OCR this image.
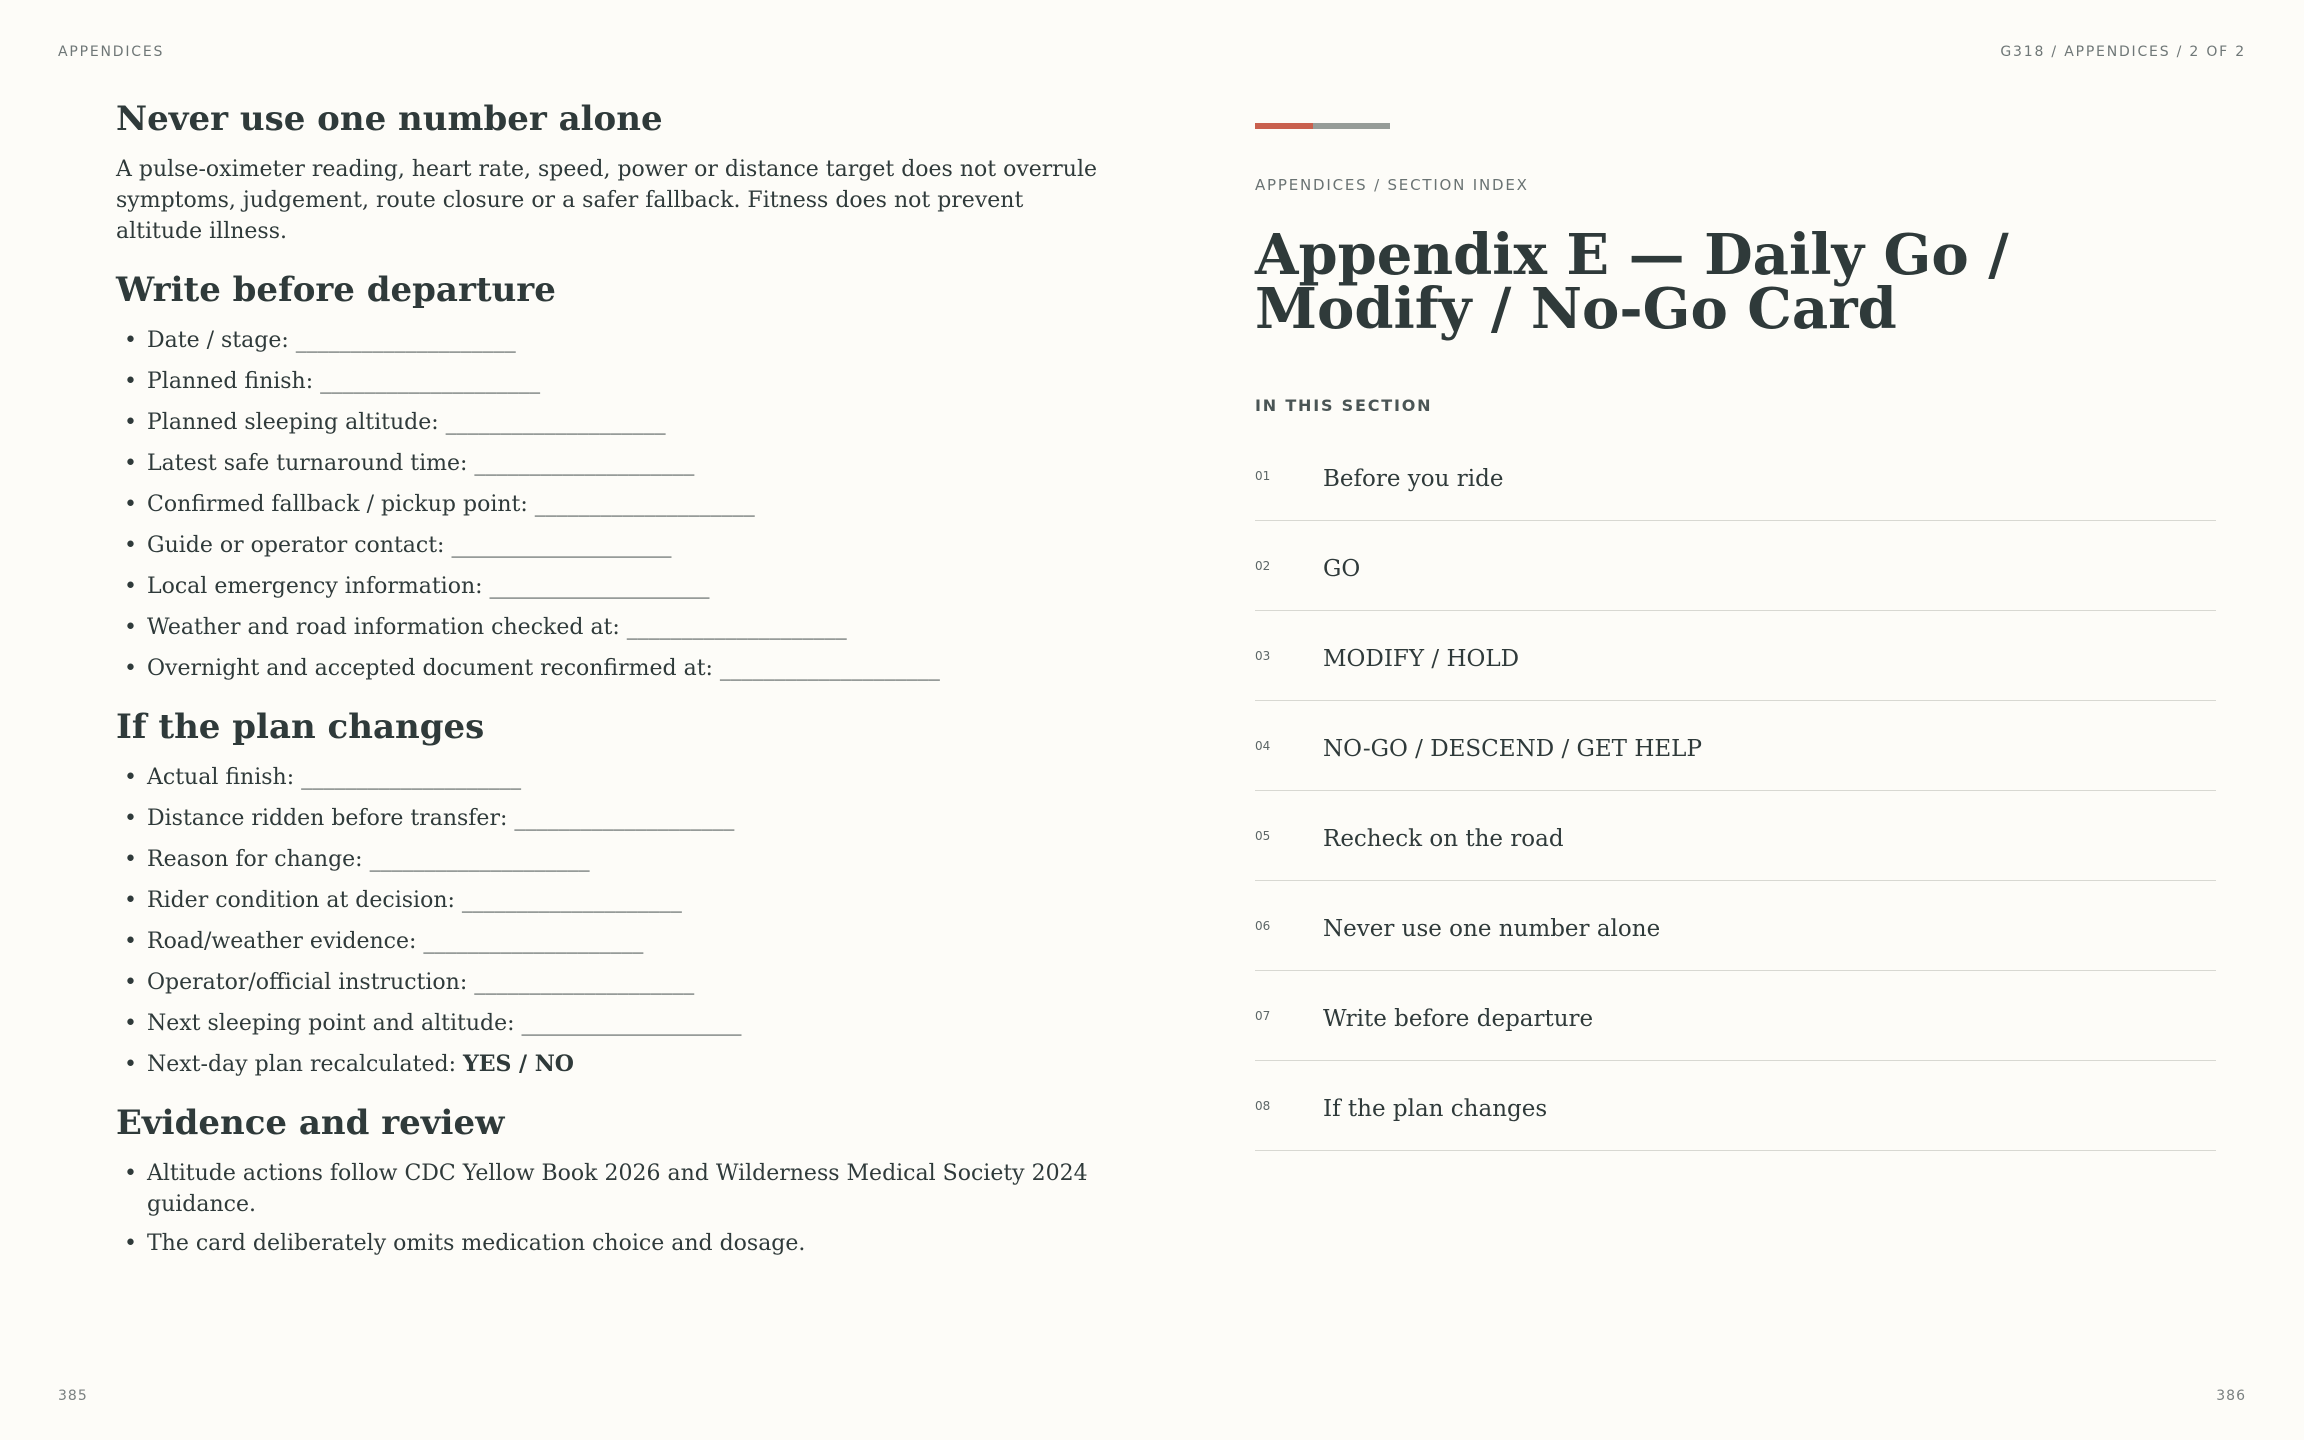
APPENDICES	G318 / APPENDICES / 2 OF 2
Never use one number alone

A pulse-oximeter reading, heart rate, speed, power or distance target does not overrule symptoms, judgement, route closure or a safer fallback. Fitness does not prevent altitude illness.

Write before departure
• Date / stage: ____________________
• Planned finish: ____________________
• Planned sleeping altitude: ____________________
• Latest safe turnaround time: ____________________
• Confirmed fallback / pickup point: ____________________
• Guide or operator contact: ____________________
• Local emergency information: ____________________
• Weather and road information checked at: ____________________
• Overnight and accepted document reconfirmed at: ____________________
If the plan changes
• Actual finish: ____________________
• Distance ridden before transfer: ____________________
• Reason for change: ____________________
• Rider condition at decision: ____________________
• Road/weather evidence: ____________________
• Operator/official instruction: ____________________
• Next sleeping point and altitude: ____________________
• Next-day plan recalculated: YES / NO
Evidence and review
• Altitude actions follow CDC Yellow Book 2026 and Wilderness Medical Society 2024 guidance.
• The card deliberately omits medication choice and dosage.
APPENDICES / SECTION INDEX
Appendix E — Daily Go / Modify / No-Go Card
IN THIS SECTION
01 Before you ride
02 GO
03 MODIFY / HOLD
04 NO-GO / DESCEND / GET HELP
05 Recheck on the road
06 Never use one number alone
07 Write before departure
08 If the plan changes
385	386
